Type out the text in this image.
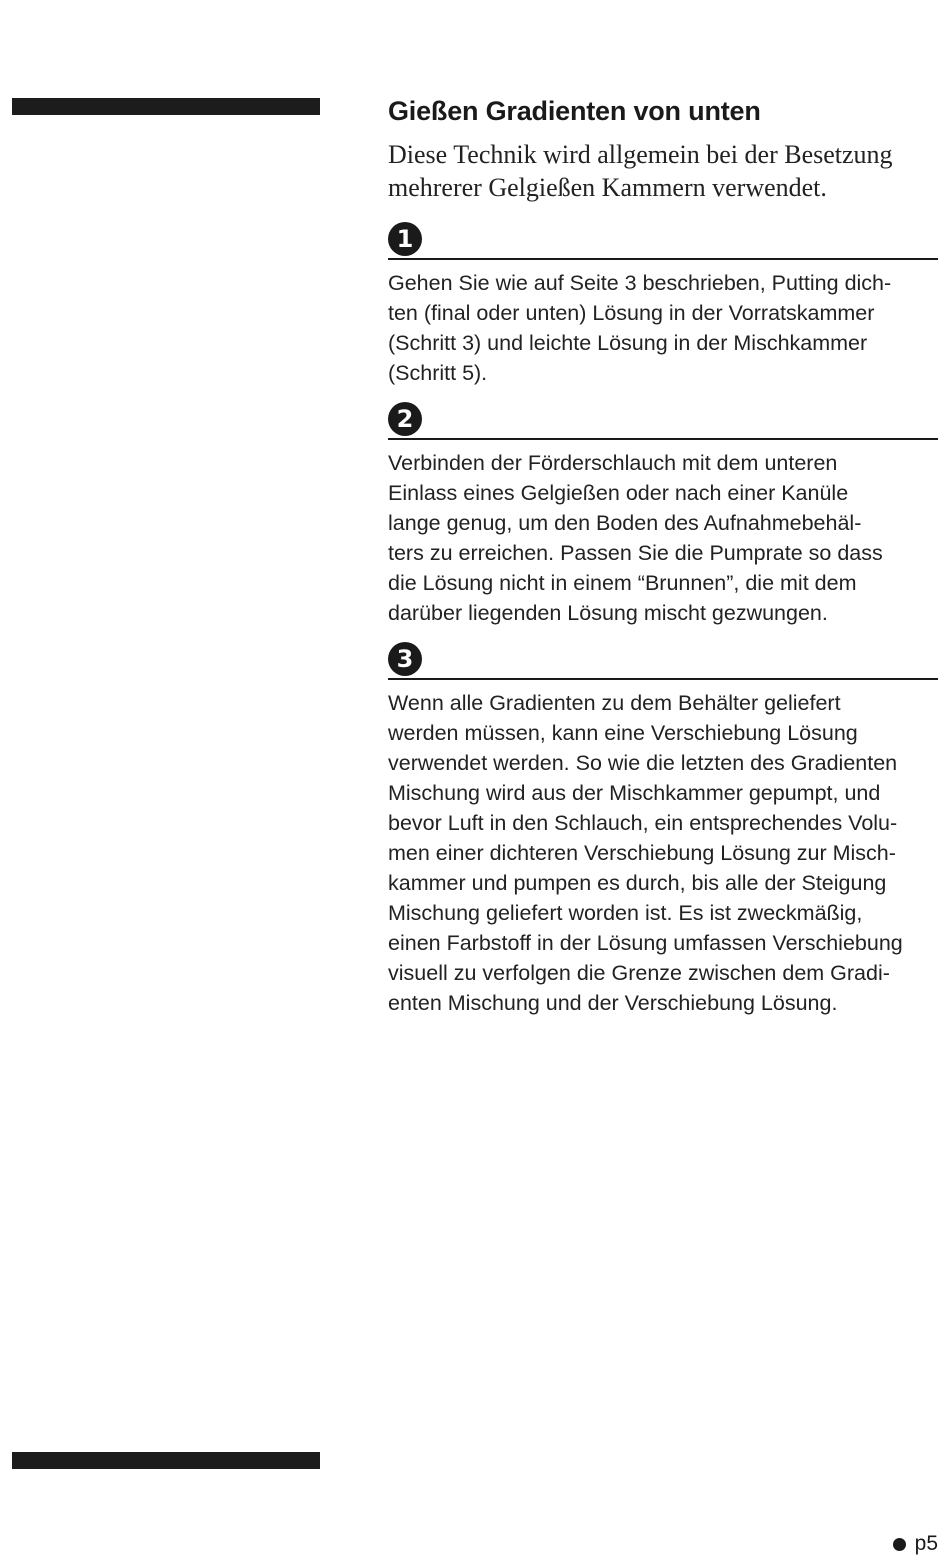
Gießen Gradienten von unten

Diese Technik wird allgemein bei der Besetzung
mehrerer Gelgießen Kammern verwendet.

1

Gehen Sie wie auf Seite 3 beschrieben, Putting dich-
ten (final oder unten) Lösung in der Vorratskammer
(Schritt 3) und leichte Lösung in der Mischkammer
(Schritt 5).

2

Verbinden der Förderschlauch mit dem unteren
Einlass eines Gelgießen oder nach einer Kanüle
lange genug, um den Boden des Aufnahmebehäl-
ters zu erreichen. Passen Sie die Pumprate so dass
die Lösung nicht in einem “Brunnen”, die mit dem
darüber liegenden Lösung mischt gezwungen.

3

Wenn alle Gradienten zu dem Behälter geliefert
werden müssen, kann eine Verschiebung Lösung
verwendet werden. So wie die letzten des Gradienten
Mischung wird aus der Mischkammer gepumpt, und
bevor Luft in den Schlauch, ein entsprechendes Volu-
men einer dichteren Verschiebung Lösung zur Misch-
kammer und pumpen es durch, bis alle der Steigung
Mischung geliefert worden ist. Es ist zweckmäßig,
einen Farbstoff in der Lösung umfassen Verschiebung
visuell zu verfolgen die Grenze zwischen dem Gradi-
enten Mischung und der Verschiebung Lösung.

p5
